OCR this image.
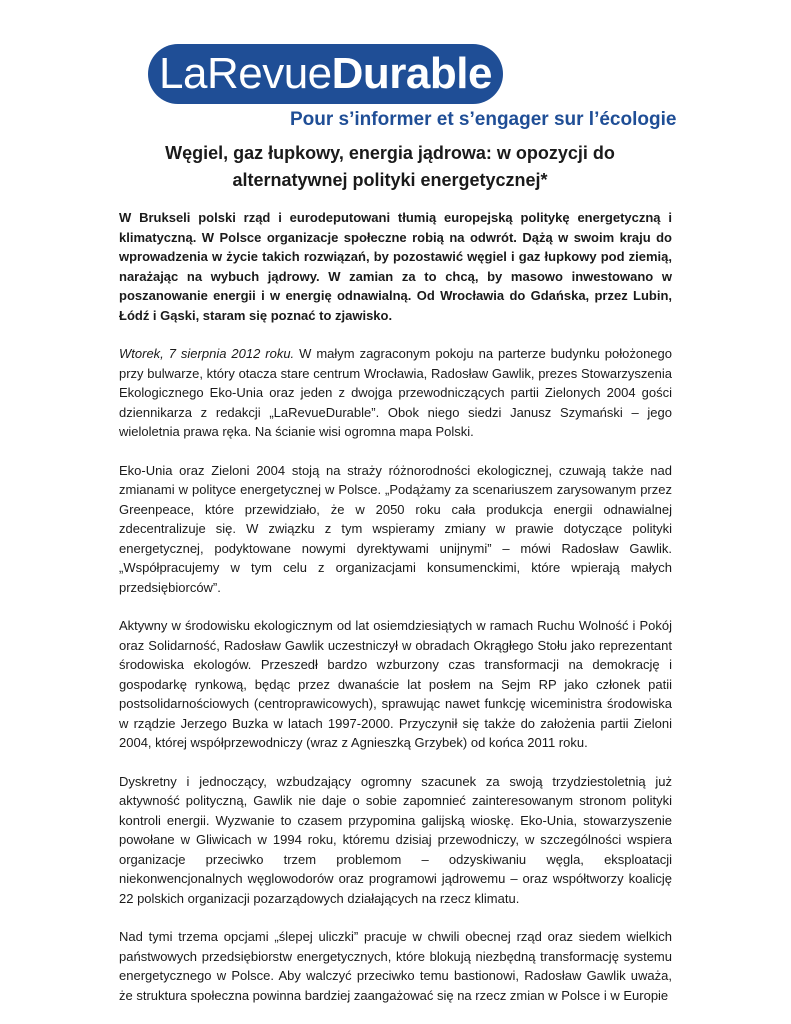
LaRevueDurable
Pour s’informer et s’engager sur l’écologie
Węgiel, gaz łupkowy, energia jądrowa: w opozycji do alternatywnej polityki energetycznej*

W Brukseli polski rząd i eurodeputowani tłumią europejską politykę energetyczną i klimatyczną. W Polsce organizacje społeczne robią na odwrót. Dążą w swoim kraju do wprowadzenia w życie takich rozwiązań, by pozostawić węgiel i gaz łupkowy pod ziemią, narażając na wybuch jądrowy. W zamian za to chcą, by masowo inwestowano w poszanowanie energii i w energię odnawialną. Od Wrocławia do Gdańska, przez Lubin, Łódź i Gąski, staram się poznać to zjawisko.

Wtorek, 7 sierpnia 2012 roku. W małym zagraconym pokoju na parterze budynku położonego przy bulwarze, który otacza stare centrum Wrocławia, Radosław Gawlik, prezes Stowarzyszenia Ekologicznego Eko-Unia oraz jeden z dwojga przewodniczących partii Zielonych 2004 gości dziennikarza z redakcji „LaRevueDurable”. Obok niego siedzi Janusz Szymański – jego wieloletnia prawa ręka. Na ścianie wisi ogromna mapa Polski.

Eko-Unia oraz Zieloni 2004 stoją na straży różnorodności ekologicznej, czuwają także nad zmianami w polityce energetycznej w Polsce. „Podążamy za scenariuszem zarysowanym przez Greenpeace, które przewidziało, że w 2050 roku cała produkcja energii odnawialnej zdecentralizuje się. W związku z tym wspieramy zmiany w prawie dotyczące polityki energetycznej, podyktowane nowymi dyrektywami unijnymi” – mówi Radosław Gawlik. „Współpracujemy w tym celu z organizacjami konsumenckimi, które wpierają małych przedsiębiorców”.

Aktywny w środowisku ekologicznym od lat osiemdziesiątych w ramach Ruchu Wolność i Pokój oraz Solidarność, Radosław Gawlik uczestniczył w obradach Okrągłego Stołu jako reprezentant środowiska ekologów. Przeszedł bardzo wzburzony czas transformacji na demokrację i gospodarkę rynkową, będąc przez dwanaście lat posłem na Sejm RP jako członek patii postsolidarnościowych (centroprawicowych), sprawując nawet funkcję wiceministra środowiska w rządzie Jerzego Buzka w latach 1997-2000. Przyczynił się także do założenia partii Zieloni 2004, której współprzewodniczy (wraz z Agnieszką Grzybek) od końca 2011 roku.

Dyskretny i jednoczący, wzbudzający ogromny szacunek za swoją trzydziestoletnią już aktywność polityczną, Gawlik nie daje o sobie zapomnieć zainteresowanym stronom polityki kontroli energii. Wyzwanie to czasem przypomina galijską wioskę. Eko-Unia, stowarzyszenie powołane w Gliwicach w 1994 roku, któremu dzisiaj przewodniczy, w szczególności wspiera organizacje przeciwko trzem problemom – odzyskiwaniu węgla, eksploatacji niekonwencjonalnych węglowodorów oraz programowi jądrowemu – oraz współtworzy koalicję 22 polskich organizacji pozarządowych działających na rzecz klimatu.

Nad tymi trzema opcjami „ślepej uliczki” pracuje w chwili obecnej rząd oraz siedem wielkich państwowych przedsiębiorstw energetycznych, które blokują niezbędną transformację systemu energetycznego w Polsce. Aby walczyć przeciwko temu bastionowi, Radosław Gawlik uważa, że struktura społeczna powinna bardziej zaangażować się na rzecz zmian w Polsce i w Europie
